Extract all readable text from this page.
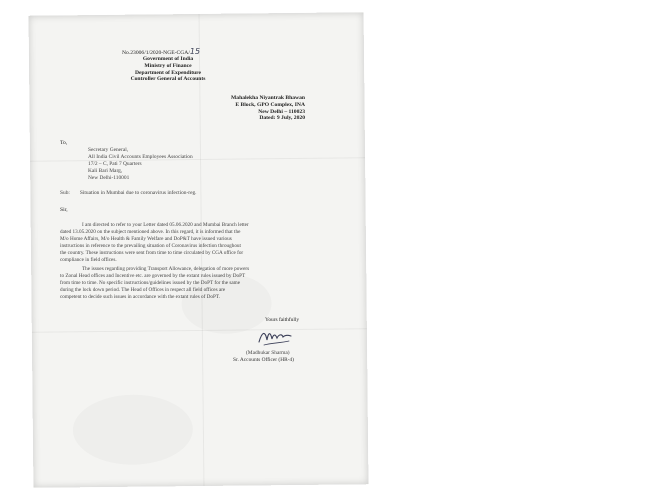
No.23006/1/2020-NGE-CGA/15
Government of India
Ministry of Finance
Department of Expenditure
Controller General of Accounts
Mahalekha Niyantrak Bhawan
E Block, GPO Complex, INA
New Delhi – 110023
Dated: 9 July, 2020
To,
Secretary General,
All India Civil Accounts Employees Association
17/2 – C, Pati 7 Quarters
Kali Bari Marg,
New Delhi-110001
Sub: Situation in Mumbai due to coronavirus infection-reg.
Sir,
I am directed to refer to your Letter dated 05.06.2020 and Mumbai Branch letter
dated 13.05.2020 on the subject mentioned above. In this regard, it is informed that the
M/o Home Affairs, M/o Health & Family Welfare and DoP&T have issued various
instructions in reference to the prevailing situation of Coronavirus infection throughout
the country. These instructions were sent from time to time circulated by CGA office for
compliance in field offices.
The issues regarding providing Transport Allowance, delegation of more powers
to Zonal Head offices and Incentive etc. are governed by the extant rules issued by DoPT
from time to time. No specific instructions/guidelines issued by the DoPT for the same
during the lock down period. The Head of Offices in respect all field offices are
competent to decide such issues in accordance with the extant rules of DoPT.
Yours faithfully
(Madhukar Sharma)
Sr. Accounts Officer (HR-4)
